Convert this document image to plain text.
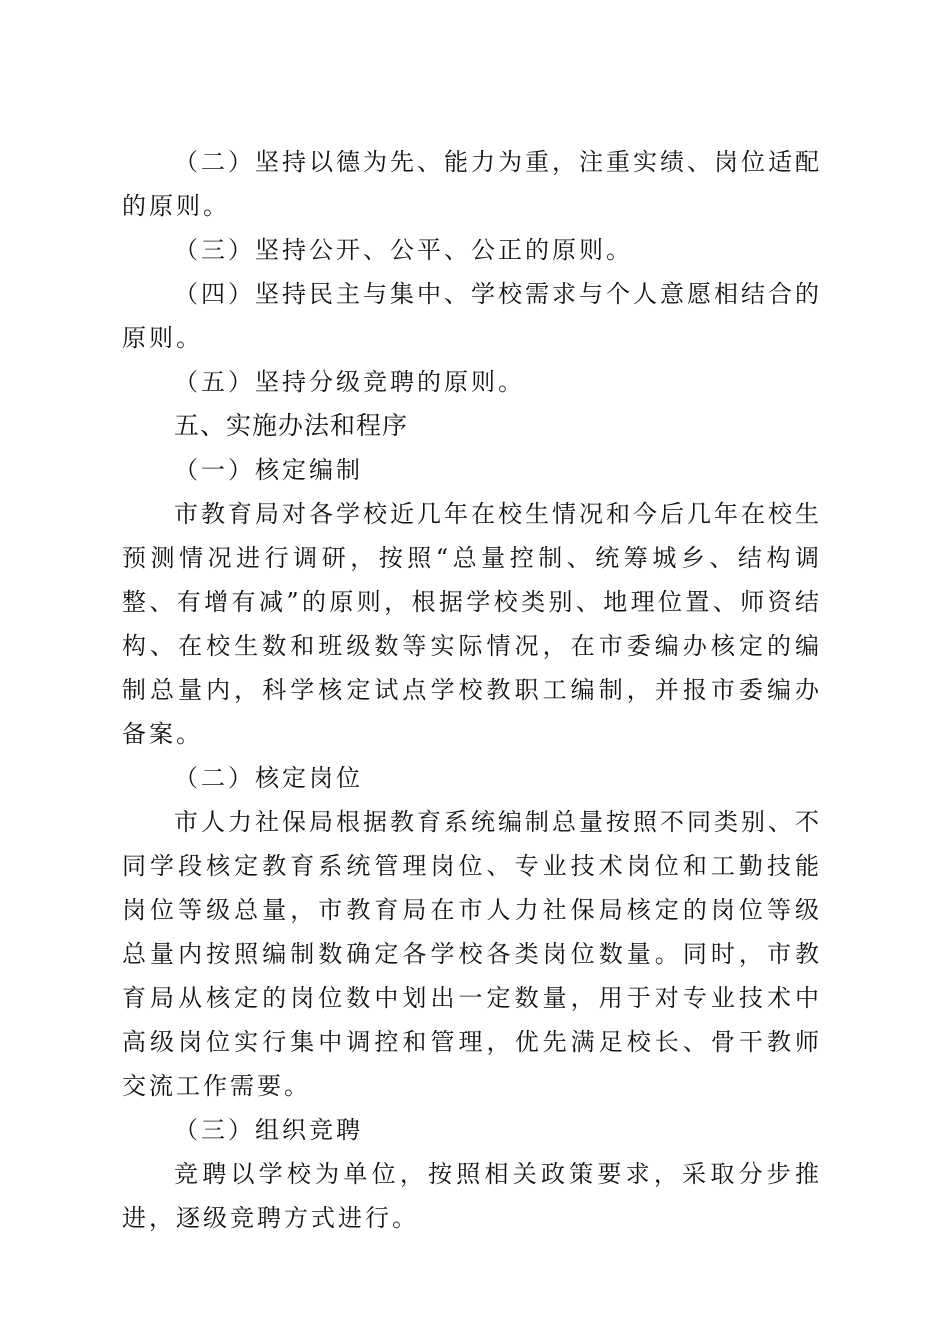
（二）坚持以德为先、能力为重，注重实绩、岗位适配的原则。

（三）坚持公开、公平、公正的原则。

（四）坚持民主与集中、学校需求与个人意愿相结合的原则。

（五）坚持分级竞聘的原则。

五、实施办法和程序

（一）核定编制

市教育局对各学校近几年在校生情况和今后几年在校生预测情况进行调研，按照“总量控制、统筹城乡、结构调整、有增有减”的原则，根据学校类别、地理位置、师资结构、在校生数和班级数等实际情况，在市委编办核定的编制总量内，科学核定试点学校教职工编制，并报市委编办备案。

（二）核定岗位

市人力社保局根据教育系统编制总量按照不同类别、不同学段核定教育系统管理岗位、专业技术岗位和工勤技能岗位等级总量，市教育局在市人力社保局核定的岗位等级总量内按照编制数确定各学校各类岗位数量。同时，市教育局从核定的岗位数中划出一定数量，用于对专业技术中高级岗位实行集中调控和管理，优先满足校长、骨干教师交流工作需要。

（三）组织竞聘

竞聘以学校为单位，按照相关政策要求，采取分步推进，逐级竞聘方式进行。
